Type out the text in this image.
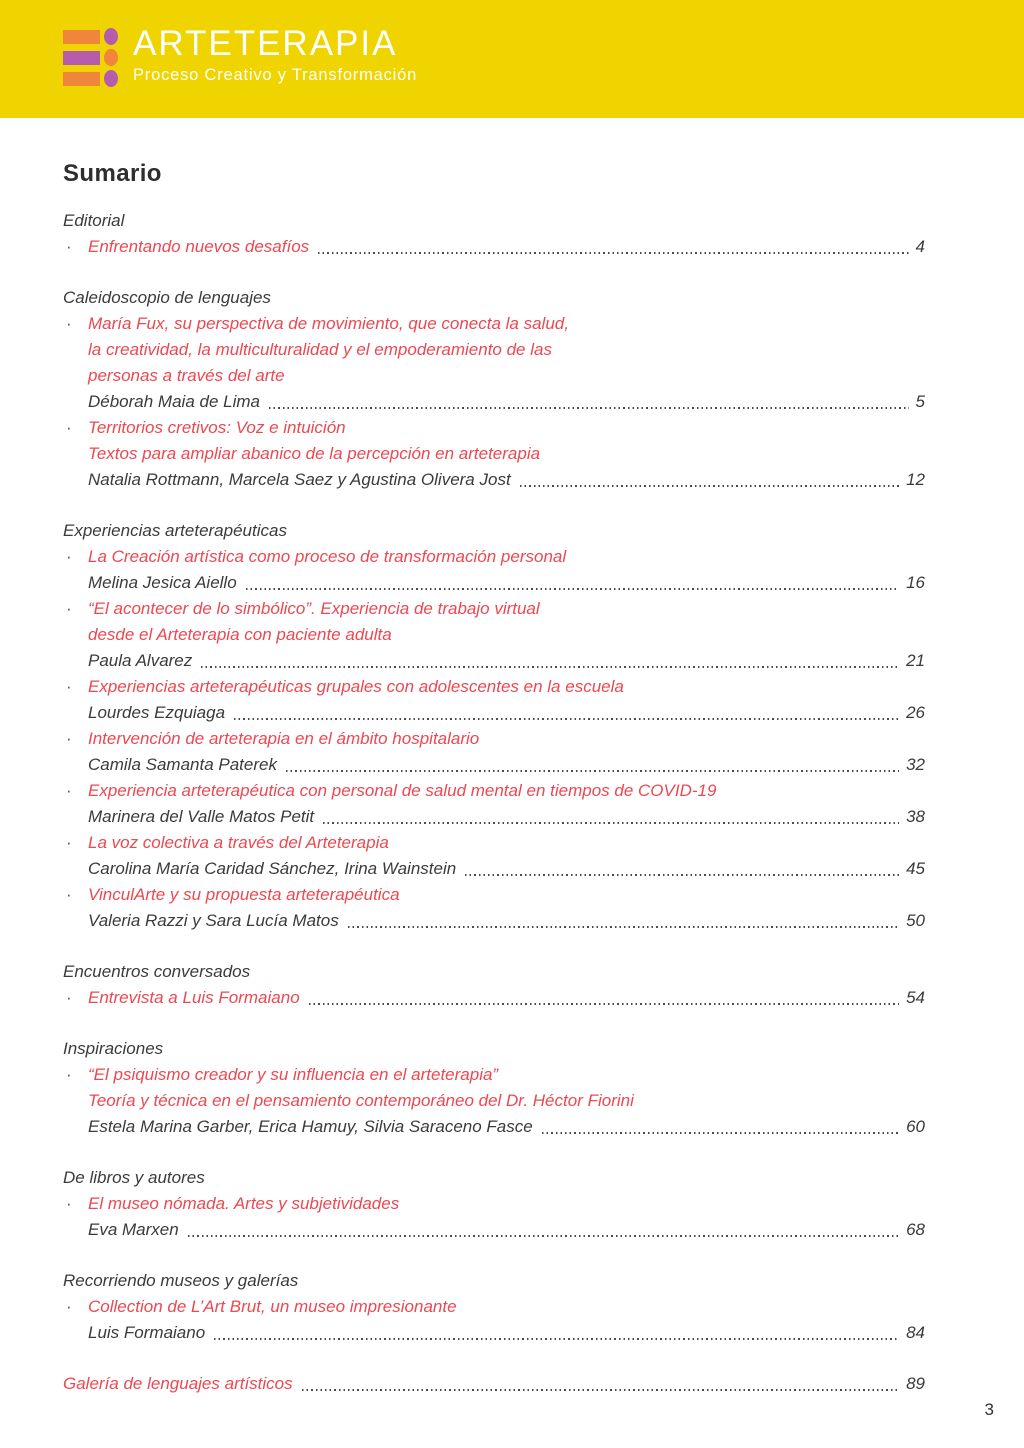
ARTETERAPIA
Proceso Creativo y Transformación
Sumario
Editorial
· Enfrentando nuevos desafíos	4
Caleidoscopio de lenguajes
· María Fux, su perspectiva de movimiento, que conecta la salud,
la creatividad, la multiculturalidad y el empoderamiento de las
personas a través del arte
Déborah Maia de Lima	5
· Territorios cretivos: Voz e intuición
Textos para ampliar abanico de la percepción en arteterapia
Natalia Rottmann, Marcela Saez y Agustina Olivera Jost	12
Experiencias arteterapéuticas
· La Creación artística como proceso de transformación personal
Melina Jesica Aiello	16
· “El acontecer de lo simbólico”. Experiencia de trabajo virtual
desde el Arteterapia con paciente adulta
Paula Alvarez	21
· Experiencias arteterapéuticas grupales con adolescentes en la escuela
Lourdes Ezquiaga	26
· Intervención de arteterapia en el ámbito hospitalario
Camila Samanta Paterek	32
· Experiencia arteterapéutica con personal de salud mental en tiempos de COVID-19
Marinera del Valle Matos Petit	38
· La voz colectiva a través del Arteterapia
Carolina María Caridad Sánchez, Irina Wainstein	45
· VinculArte y su propuesta arteterapéutica
Valeria Razzi y Sara Lucía Matos	50
Encuentros conversados
· Entrevista a Luis Formaiano	54
Inspiraciones
· “El psiquismo creador y su influencia en el arteterapia”
Teoría y técnica en el pensamiento contemporáneo del Dr. Héctor Fiorini
Estela Marina Garber, Erica Hamuy, Silvia Saraceno Fasce	60
De libros y autores
· El museo nómada. Artes y subjetividades
Eva Marxen	68
Recorriendo museos y galerías
· Collection de L’Art Brut, un museo impresionante
Luis Formaiano	84
Galería de lenguajes artísticos	89
3
